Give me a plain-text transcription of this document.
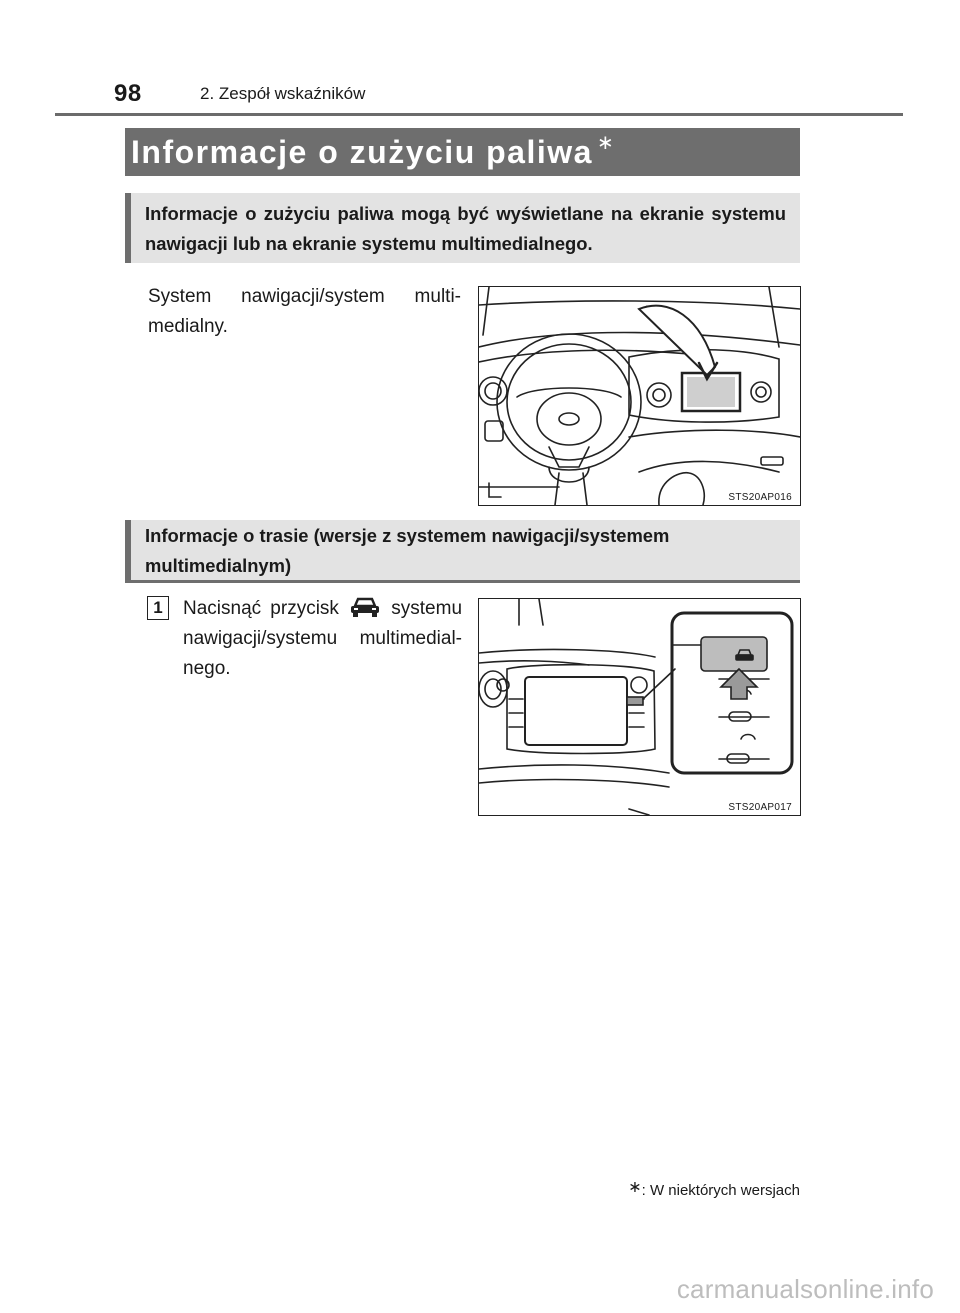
98	2. Zespół wskaźników
Informacje o zużyciu paliwa ∗
Informacje o zużyciu paliwa mogą być wyświetlane na ekranie systemu nawigacji lub na ekranie systemu multimedialnego.
System nawigacji/system multi-medialny.
STS20AP016
Informacje o trasie (wersje z systemem nawigacji/systemem multimedialnym)
1	Nacisnąć przycisk	systemu nawigacji/systemu multimedial-nego.
STS20AP017
∗: W niektórych wersjach
carmanualsonline.info
